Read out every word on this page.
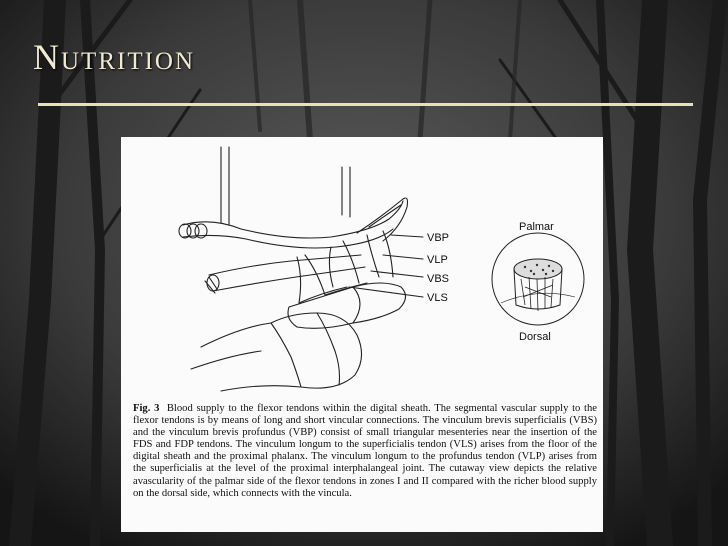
Nutrition
VBP
VLP
VBS
VLS
Palmar
Dorsal

Fig. 3 Blood supply to the flexor tendons within the digital sheath. The segmental vascular supply to the flexor tendons is by means of long and short vincular connections. The vinculum brevis superficialis (VBS) and the vinculum brevis profundus (VBP) consist of small triangular mesenteries near the insertion of the FDS and FDP tendons. The vinculum longum to the superficialis tendon (VLS) arises from the floor of the digital sheath and the proximal phalanx. The vinculum longum to the profundus tendon (VLP) arises from the superficialis at the level of the proximal interphalangeal joint. The cutaway view depicts the relative avascularity of the palmar side of the flexor tendons in zones I and II compared with the richer blood supply on the dorsal side, which connects with the vincula.
